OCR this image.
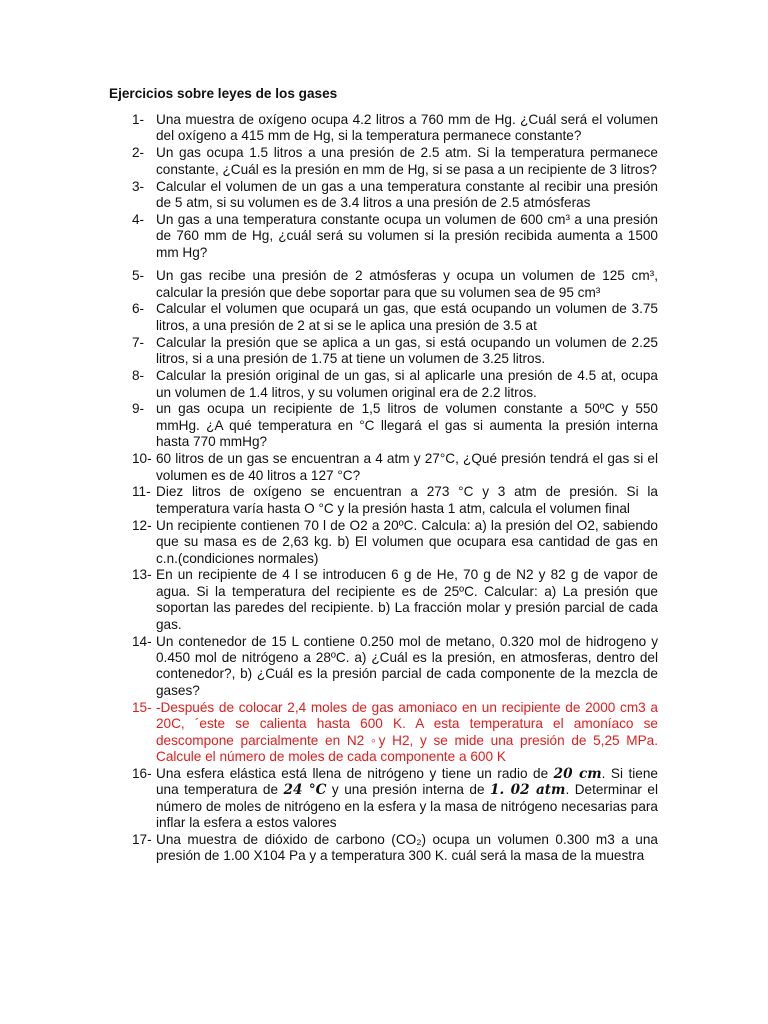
Ejercicios sobre leyes de los gases
1- Una muestra de oxígeno ocupa 4.2 litros a 760 mm de Hg. ¿Cuál será el volumen del oxígeno a 415 mm de Hg, si la temperatura permanece constante?
2- Un gas ocupa 1.5 litros a una presión de 2.5 atm. Si la temperatura permanece constante, ¿Cuál es la presión en mm de Hg, si se pasa a un recipiente de 3 litros?
3- Calcular el volumen de un gas a una temperatura constante al recibir una presión de 5 atm, si su volumen es de 3.4 litros a una presión de 2.5 atmósferas
4- Un gas a una temperatura constante ocupa un volumen de 600 cm³ a una presión de 760 mm de Hg, ¿cuál será su volumen si la presión recibida aumenta a 1500 mm Hg?
5- Un gas recibe una presión de 2 atmósferas y ocupa un volumen de 125 cm³, calcular la presión que debe soportar para que su volumen sea de 95 cm³
6- Calcular el volumen que ocupará un gas, que está ocupando un volumen de 3.75 litros, a una presión de 2 at si se le aplica una presión de 3.5 at
7- Calcular la presión que se aplica a un gas, si está ocupando un volumen de 2.25 litros, si a una presión de 1.75 at tiene un volumen de 3.25 litros.
8- Calcular la presión original de un gas, si al aplicarle una presión de 4.5 at, ocupa un volumen de 1.4 litros, y su volumen original era de 2.2 litros.
9- un gas ocupa un recipiente de 1,5 litros de volumen constante a 50ºC y 550 mmHg. ¿A qué temperatura en °C llegará el gas si aumenta la presión interna hasta 770 mmHg?
10- 60 litros de un gas se encuentran a 4 atm y 27°C, ¿Qué presión tendrá el gas si el volumen es de 40 litros a 127 °C?
11- Diez litros de oxígeno se encuentran a 273 °C y 3 atm de presión. Si la temperatura varía hasta O °C y la presión hasta 1 atm, calcula el volumen final
12- Un recipiente contienen 70 l de O2 a 20ºC. Calcula: a) la presión del O2, sabiendo que su masa es de 2,63 kg. b) El volumen que ocupara esa cantidad de gas en c.n.(condiciones normales)
13- En un recipiente de 4 l se introducen 6 g de He, 70 g de N2 y 82 g de vapor de agua. Si la temperatura del recipiente es de 25ºC. Calcular: a) La presión que soportan las paredes del recipiente. b) La fracción molar y presión parcial de cada gas.
14- Un contenedor de 15 L contiene 0.250 mol de metano, 0.320 mol de hidrogeno y 0.450 mol de nitrógeno a 28ºC. a) ¿Cuál es la presión, en atmosferas, dentro del contenedor?, b) ¿Cuál es la presión parcial de cada componente de la mezcla de gases?
15- -Después de colocar 2,4 moles de gas amoniaco en un recipiente de 2000 cm3 a 20C, ´este se calienta hasta 600 K. A esta temperatura el amoníaco se descompone parcialmente en N2 ◦y H2, y se mide una presión de 5,25 MPa. Calcule el número de moles de cada componente a 600 K
16- Una esfera elástica está llena de nitrógeno y tiene un radio de 20 𝒄𝒎. Si tiene una temperatura de 24 °𝑪 y una presión interna de 1. 02 𝒂𝒕𝒎. Determinar el número de moles de nitrógeno en la esfera y la masa de nitrógeno necesarias para inflar la esfera a estos valores
17- Una muestra de dióxido de carbono (CO₂) ocupa un volumen 0.300 m3 a una presión de 1.00 X104 Pa y a temperatura 300 K. cuál será la masa de la muestra
